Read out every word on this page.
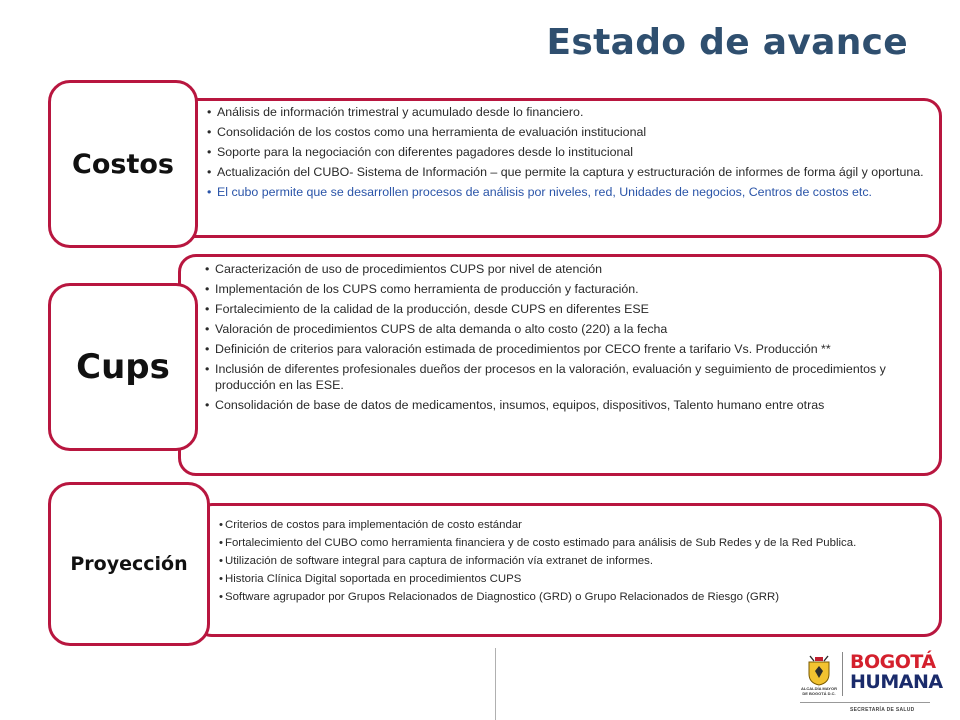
Estado de avance
• Análisis de información trimestral y acumulado desde lo financiero.
• Consolidación de los costos como una herramienta de evaluación institucional
• Soporte para la negociación con diferentes pagadores desde lo institucional
• Actualización del CUBO- Sistema de Información – que permite la captura y estructuración de informes de forma ágil y oportuna.
• El cubo permite que se desarrollen procesos de análisis por niveles, red, Unidades de negocios, Centros de costos etc.
Costos
• Caracterización de uso de procedimientos CUPS por nivel de atención
• Implementación de los CUPS como herramienta de producción y facturación.
• Fortalecimiento de la calidad de la producción, desde CUPS en diferentes ESE
• Valoración de procedimientos CUPS de alta demanda o alto costo (220) a la fecha
• Definición de criterios para valoración estimada de procedimientos por CECO frente a tarifario Vs. Producción **
• Inclusión de diferentes profesionales dueños der procesos en la valoración, evaluación y seguimiento de procedimientos y producción en las ESE.
• Consolidación de base de datos de medicamentos, insumos, equipos, dispositivos, Talento humano entre otras
Cups
• Criterios de costos para implementación de costo estándar
• Fortalecimiento del CUBO como herramienta financiera y de costo estimado para análisis de Sub Redes y de la Red Publica.
• Utilización de software integral para captura de información vía extranet de informes.
• Historia Clínica Digital soportada en procedimientos CUPS
• Software agrupador por Grupos Relacionados de Diagnostico (GRD) o Grupo Relacionados de Riesgo (GRR)
Proyección
ALCALDÍA MAYOR DE BOGOTÁ D.C.
BOGOTÁ
HUMANA
SECRETARÍA DE SALUD
